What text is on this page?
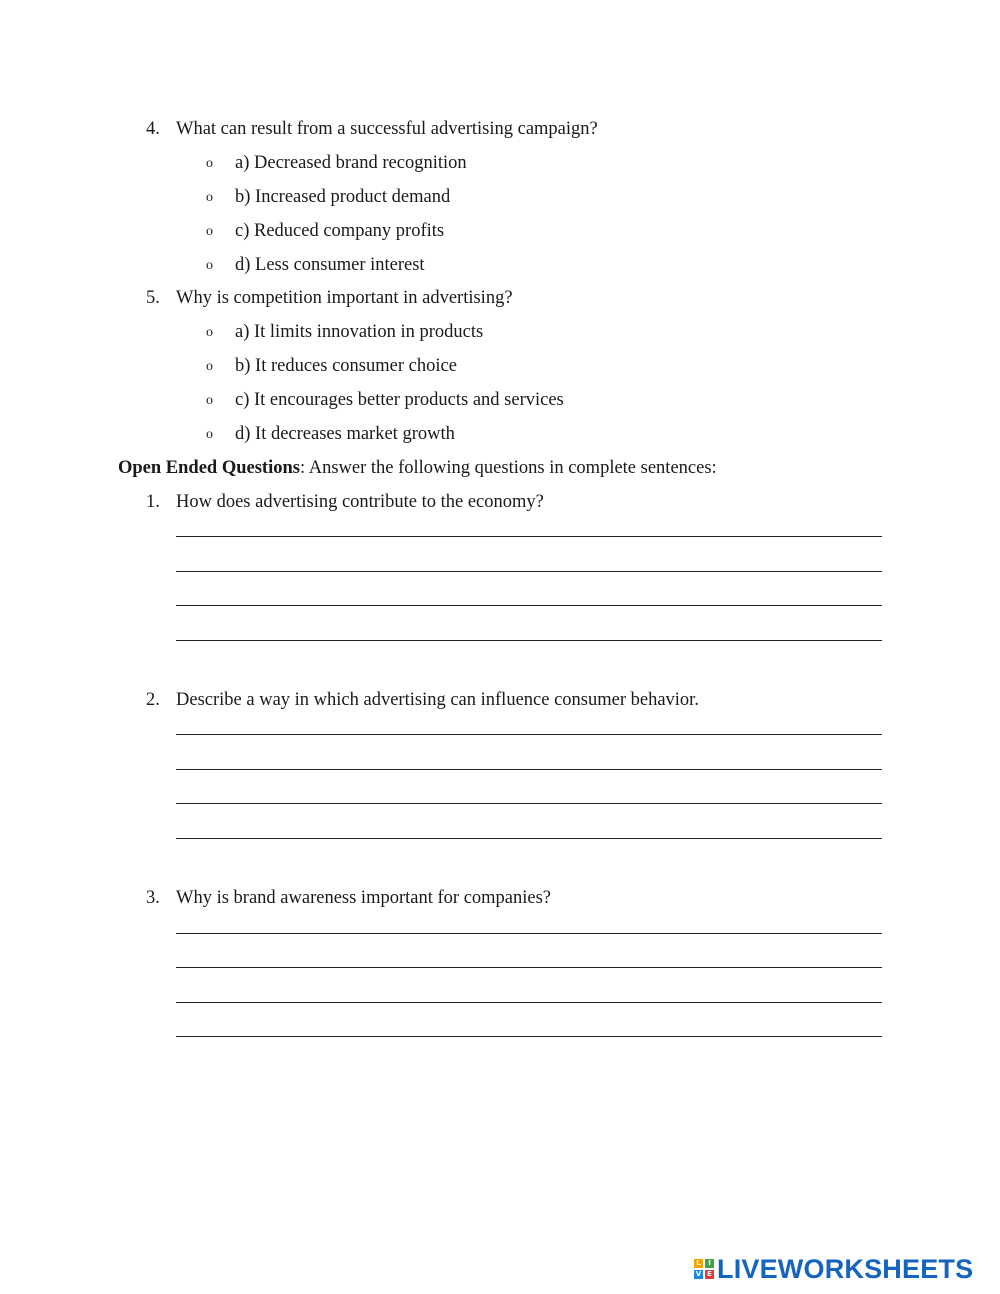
4. What can result from a successful advertising campaign?
o a) Decreased brand recognition
o b) Increased product demand
o c) Reduced company profits
o d) Less consumer interest
5. Why is competition important in advertising?
o a) It limits innovation in products
o b) It reduces consumer choice
o c) It encourages better products and services
o d) It decreases market growth
Open Ended Questions: Answer the following questions in complete sentences:
1. How does advertising contribute to the economy?
2. Describe a way in which advertising can influence consumer behavior.
3. Why is brand awareness important for companies?
L	I
V E LIVEWORKSHEETS
